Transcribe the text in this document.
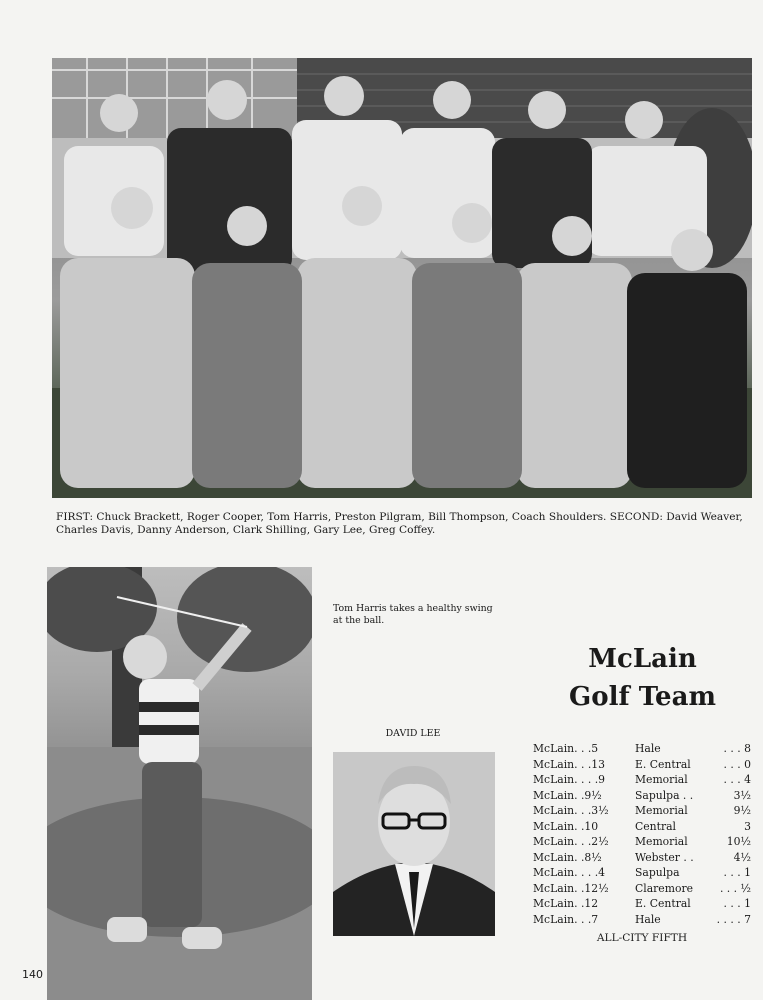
FIRST: Chuck Brackett, Roger Cooper, Tom Harris, Preston Pilgram, Bill Thompson, Coach Shoulders. SECOND: David Weaver, Charles Davis, Danny Anderson, Clark Shilling, Gary Lee, Greg Coffey.
Tom Harris takes a healthy swing at the ball.
McLain
Golf Team
DAVID LEE
McLain. . .5	Hale	. . . 8
McLain. . .13	E. Central	. . . 0
McLain. . . .9	Memorial	. . . 4
McLain. .9½	Sapulpa . .	3½
McLain. . .3½	Memorial	9½
McLain. .10	Central	3
McLain. . .2½	Memorial	10½
McLain. .8½	Webster . .	4½
McLain. . . .4	Sapulpa	. . . 1
McLain. .12½	Claremore	. . . ½
McLain. .12	E. Central	. . . 1
McLain. . .7	Hale	. . . . 7
ALL-CITY FIFTH
140
